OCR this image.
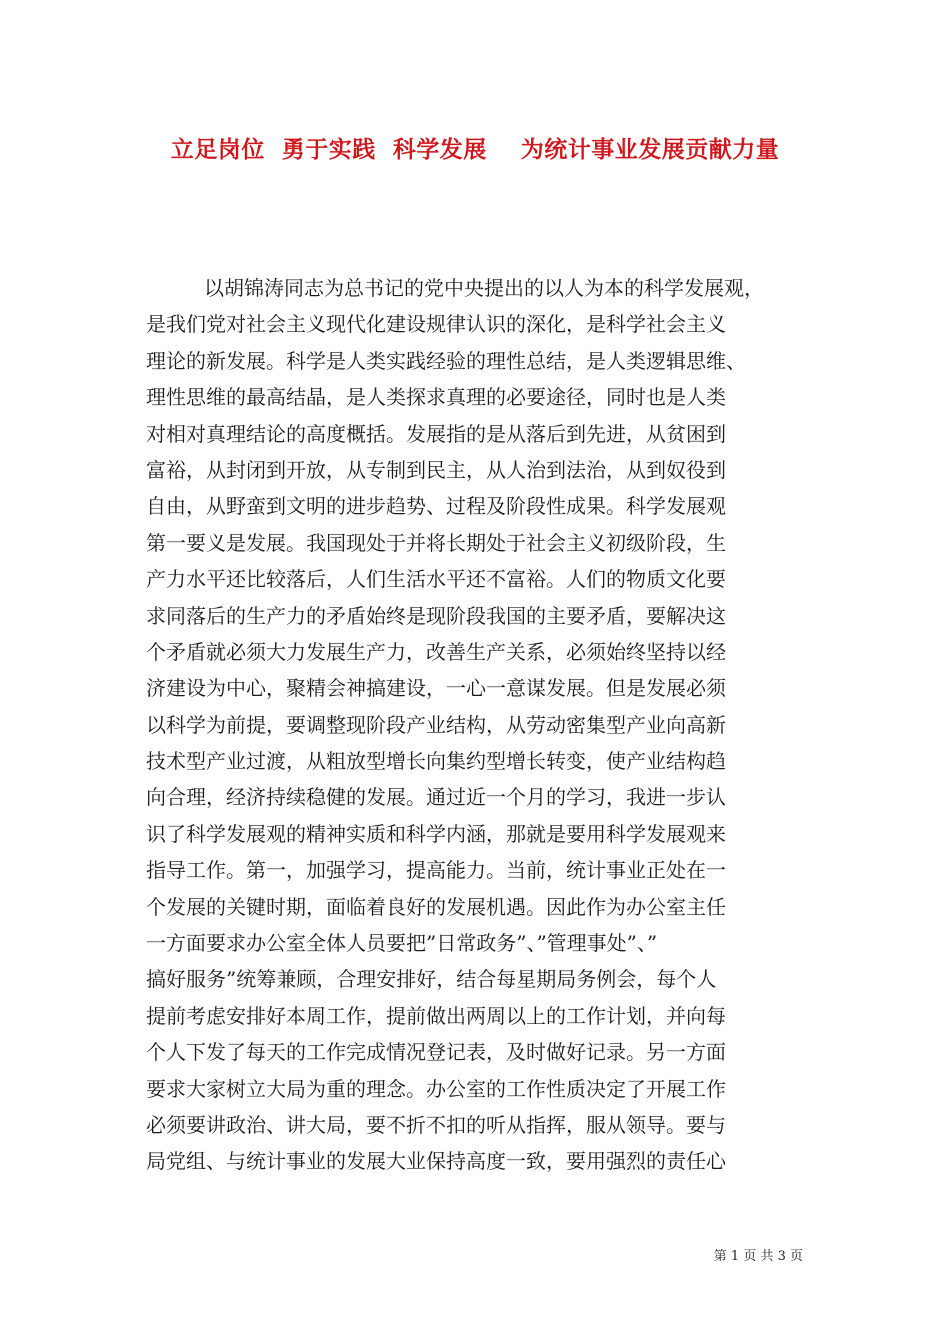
立足岗位  勇于实践  科学发展    为统计事业发展贡献力量
以胡锦涛同志为总书记的党中央提出的以人为本的科学发展观，
是我们党对社会主义现代化建设规律认识的深化，是科学社会主义
理论的新发展。科学是人类实践经验的理性总结，是人类逻辑思维、
理性思维的最高结晶，是人类探求真理的必要途径，同时也是人类
对相对真理结论的高度概括。发展指的是从落后到先进，从贫困到
富裕，从封闭到开放，从专制到民主，从人治到法治，从到奴役到
自由，从野蛮到文明的进步趋势、过程及阶段性成果。科学发展观
第一要义是发展。我国现处于并将长期处于社会主义初级阶段，生
产力水平还比较落后，人们生活水平还不富裕。人们的物质文化要
求同落后的生产力的矛盾始终是现阶段我国的主要矛盾，要解决这
个矛盾就必须大力发展生产力，改善生产关系，必须始终坚持以经
济建设为中心，聚精会神搞建设，一心一意谋发展。但是发展必须
以科学为前提，要调整现阶段产业结构，从劳动密集型产业向高新
技术型产业过渡，从粗放型增长向集约型增长转变，使产业结构趋
向合理，经济持续稳健的发展。通过近一个月的学习，我进一步认
识了科学发展观的精神实质和科学内涵，那就是要用科学发展观来
指导工作。第一，加强学习，提高能力。当前，统计事业正处在一
个发展的关键时期，面临着良好的发展机遇。因此作为办公室主任
一方面要求办公室全体人员要把”日常政务”、”管理事处”、”
搞好服务”统筹兼顾，合理安排好，结合每星期局务例会，每个人
提前考虑安排好本周工作，提前做出两周以上的工作计划，并向每
个人下发了每天的工作完成情况登记表，及时做好记录。另一方面
要求大家树立大局为重的理念。办公室的工作性质决定了开展工作
必须要讲政治、讲大局，要不折不扣的听从指挥，服从领导。要与
局党组、与统计事业的发展大业保持高度一致，要用强烈的责任心
第 1 页 共 3 页
